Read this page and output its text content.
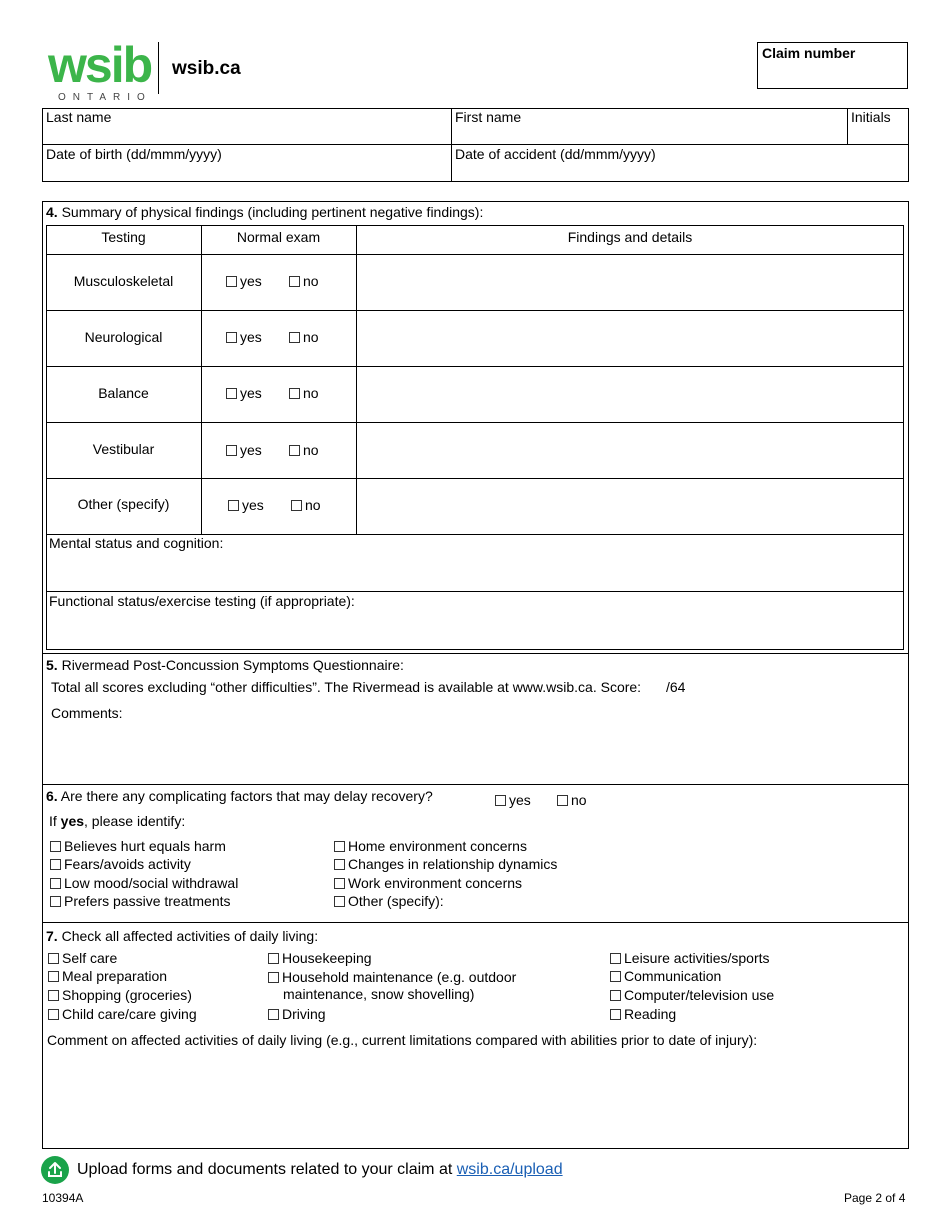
wsib
ONTARIO
wsib.ca
Claim number
Last name	First name	Initials
Date of birth (dd/mmm/yyyy)	Date of accident (dd/mmm/yyyy)
4. Summary of physical findings (including pertinent negative findings):
Testing	Normal exam	Findings and details
Musculoskeletal	yes	no
Neurological	yes	no
Balance	yes	no
Vestibular	yes	no
Other (specify)	yes	no
Mental status and cognition:
Functional status/exercise testing (if appropriate):
5. Rivermead Post-Concussion Symptoms Questionnaire:
Total all scores excluding “other difficulties”. The Rivermead is available at www.wsib.ca. Score: /64
Comments:
6. Are there any complicating factors that may delay recovery?	yes	no
If yes, please identify:
Believes hurt equals harm
Fears/avoids activity
Low mood/social withdrawal
Prefers passive treatments
Home environment concerns
Changes in relationship dynamics
Work environment concerns
Other (specify):
7. Check all affected activities of daily living:
Self care
Meal preparation
Shopping (groceries)
Child care/care giving
Housekeeping
Household maintenance (e.g. outdoor
maintenance, snow shovelling)
Driving
Leisure activities/sports
Communication
Computer/television use
Reading
Comment on affected activities of daily living (e.g., current limitations compared with abilities prior to date of injury):
Upload forms and documents related to your claim at wsib.ca/upload
10394A	Page 2 of 4
